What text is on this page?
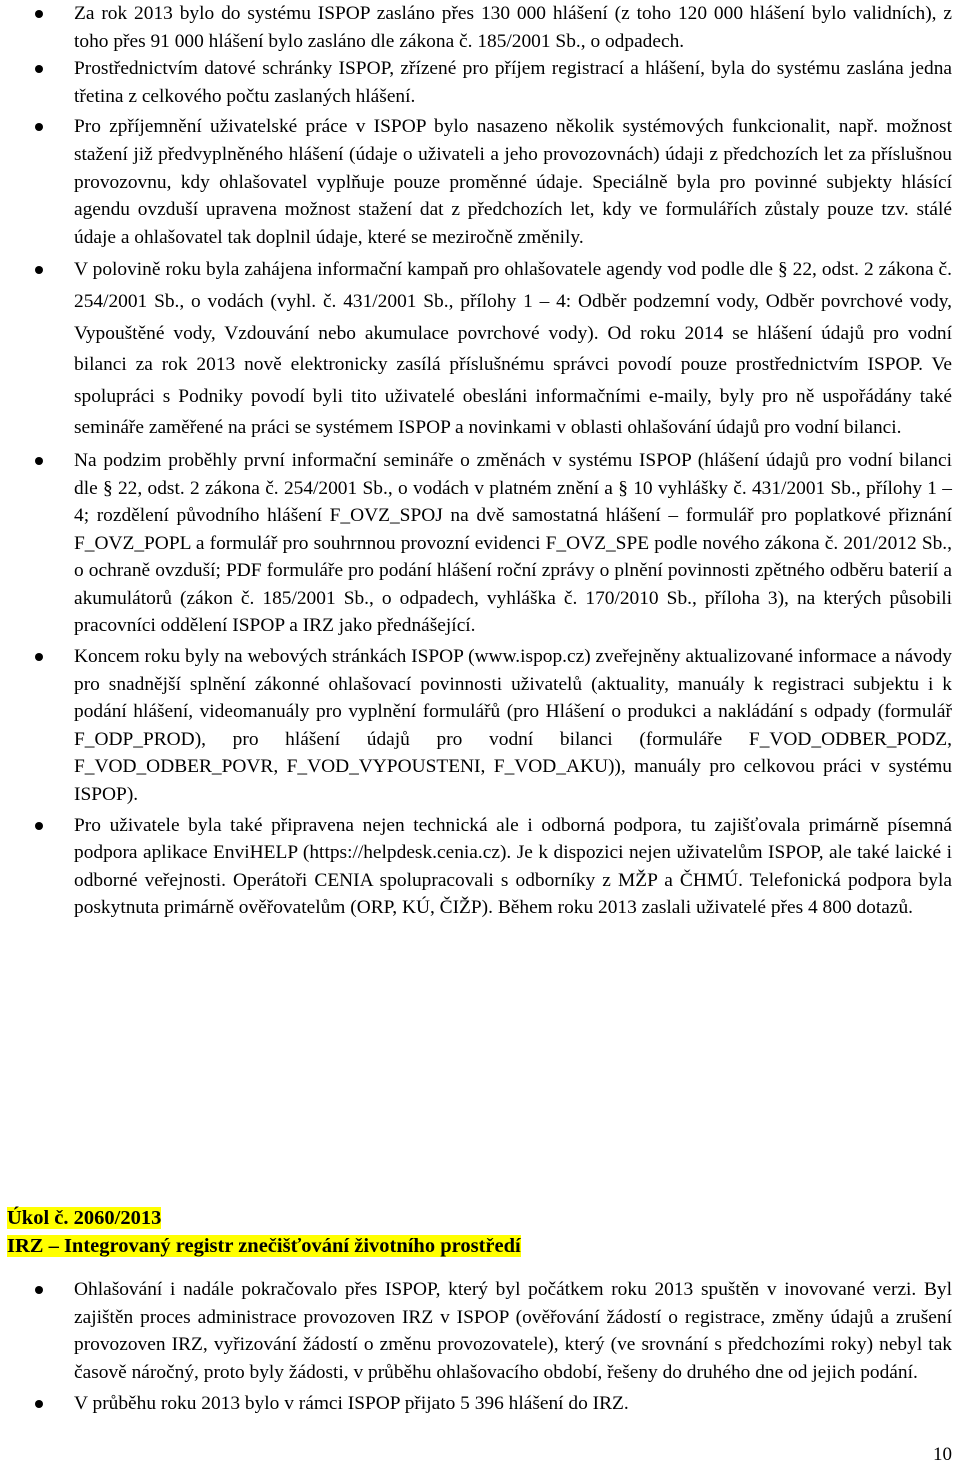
Za rok 2013 bylo do systému ISPOP zasláno přes 130 000 hlášení (z toho 120 000 hlášení bylo validních), z toho přes 91 000 hlášení bylo zasláno dle zákona č. 185/2001 Sb., o odpadech.
Prostřednictvím datové schránky ISPOP, zřízené pro příjem registrací a hlášení, byla do systému zaslána jedna třetina z celkového počtu zaslaných hlášení.
Pro zpříjemnění uživatelské práce v ISPOP bylo nasazeno několik systémových funkcionalit, např. možnost stažení již předvyplněného hlášení (údaje o uživateli a jeho provozovnách) údaji z předchozích let za příslušnou provozovnu, kdy ohlašovatel vyplňuje pouze proměnné údaje. Speciálně byla pro povinné subjekty hlásící agendu ovzduší upravena možnost stažení dat z předchozích let, kdy ve formulářích zůstaly pouze tzv. stálé údaje a ohlašovatel tak doplnil údaje, které se meziročně změnily.
V polovině roku byla zahájena informační kampaň pro ohlašovatele agendy vod podle dle § 22, odst. 2 zákona č. 254/2001 Sb., o vodách (vyhl. č. 431/2001 Sb., přílohy 1 – 4: Odběr podzemní vody, Odběr povrchové vody, Vypouštěné vody, Vzdouvání nebo akumulace povrchové vody). Od roku 2014 se hlášení údajů pro vodní bilanci za rok 2013 nově elektronicky zasílá příslušnému správci povodí pouze prostřednictvím ISPOP. Ve spolupráci s Podniky povodí byli tito uživatelé obesláni informačními e-maily, byly pro ně uspořádány také semináře zaměřené na práci se systémem ISPOP a novinkami v oblasti ohlašování údajů pro vodní bilanci.
Na podzim proběhly první informační semináře o změnách v systému ISPOP (hlášení údajů pro vodní bilanci dle § 22, odst. 2 zákona č. 254/2001 Sb., o vodách v platném znění a § 10 vyhlášky č. 431/2001 Sb., přílohy 1 – 4; rozdělení původního hlášení F_OVZ_SPOJ na dvě samostatná hlášení – formulář pro poplatkové přiznání F_OVZ_POPL a formulář pro souhrnnou provozní evidenci F_OVZ_SPE podle nového zákona č. 201/2012 Sb., o ochraně ovzduší; PDF formuláře pro podání hlášení roční zprávy o plnění povinnosti zpětného odběru baterií a akumulátorů (zákon č. 185/2001 Sb., o odpadech, vyhláška č. 170/2010 Sb., příloha 3), na kterých působili pracovníci oddělení ISPOP a IRZ jako přednášející.
Koncem roku byly na webových stránkách ISPOP (www.ispop.cz) zveřejněny aktualizované informace a návody pro snadnější splnění zákonné ohlašovací povinnosti uživatelů (aktuality, manuály k registraci subjektu i k podání hlášení, videomanuály pro vyplnění formulářů (pro Hlášení o produkci a nakládání s odpady (formulář F_ODP_PROD), pro hlášení údajů pro vodní bilanci (formuláře F_VOD_ODBER_PODZ, F_VOD_ODBER_POVR, F_VOD_VYPOUSTENI, F_VOD_AKU)), manuály pro celkovou práci v systému ISPOP).
Pro uživatele byla také připravena nejen technická ale i odborná podpora, tu zajišťovala primárně písemná podpora aplikace EnviHELP (https://helpdesk.cenia.cz). Je k dispozici nejen uživatelům ISPOP, ale také laické i odborné veřejnosti. Operátoři CENIA spolupracovali s odborníky z MŽP a ČHMÚ. Telefonická podpora byla poskytnuta primárně ověřovatelům (ORP, KÚ, ČIŽP). Během roku 2013 zaslali uživatelé přes 4 800 dotazů.
Úkol č. 2060/2013
IRZ – Integrovaný registr znečišťování životního prostředí
Ohlašování i nadále pokračovalo přes ISPOP, který byl počátkem roku 2013 spuštěn v inovované verzi. Byl zajištěn proces administrace provozoven IRZ v ISPOP (ověřování žádostí o registrace, změny údajů a zrušení provozoven IRZ, vyřizování žádostí o změnu provozovatele), který (ve srovnání s předchozími roky) nebyl tak časově náročný, proto byly žádosti, v průběhu ohlašovacího období, řešeny do druhého dne od jejich podání.
V průběhu roku 2013 bylo v rámci ISPOP přijato 5 396 hlášení do IRZ.
10
